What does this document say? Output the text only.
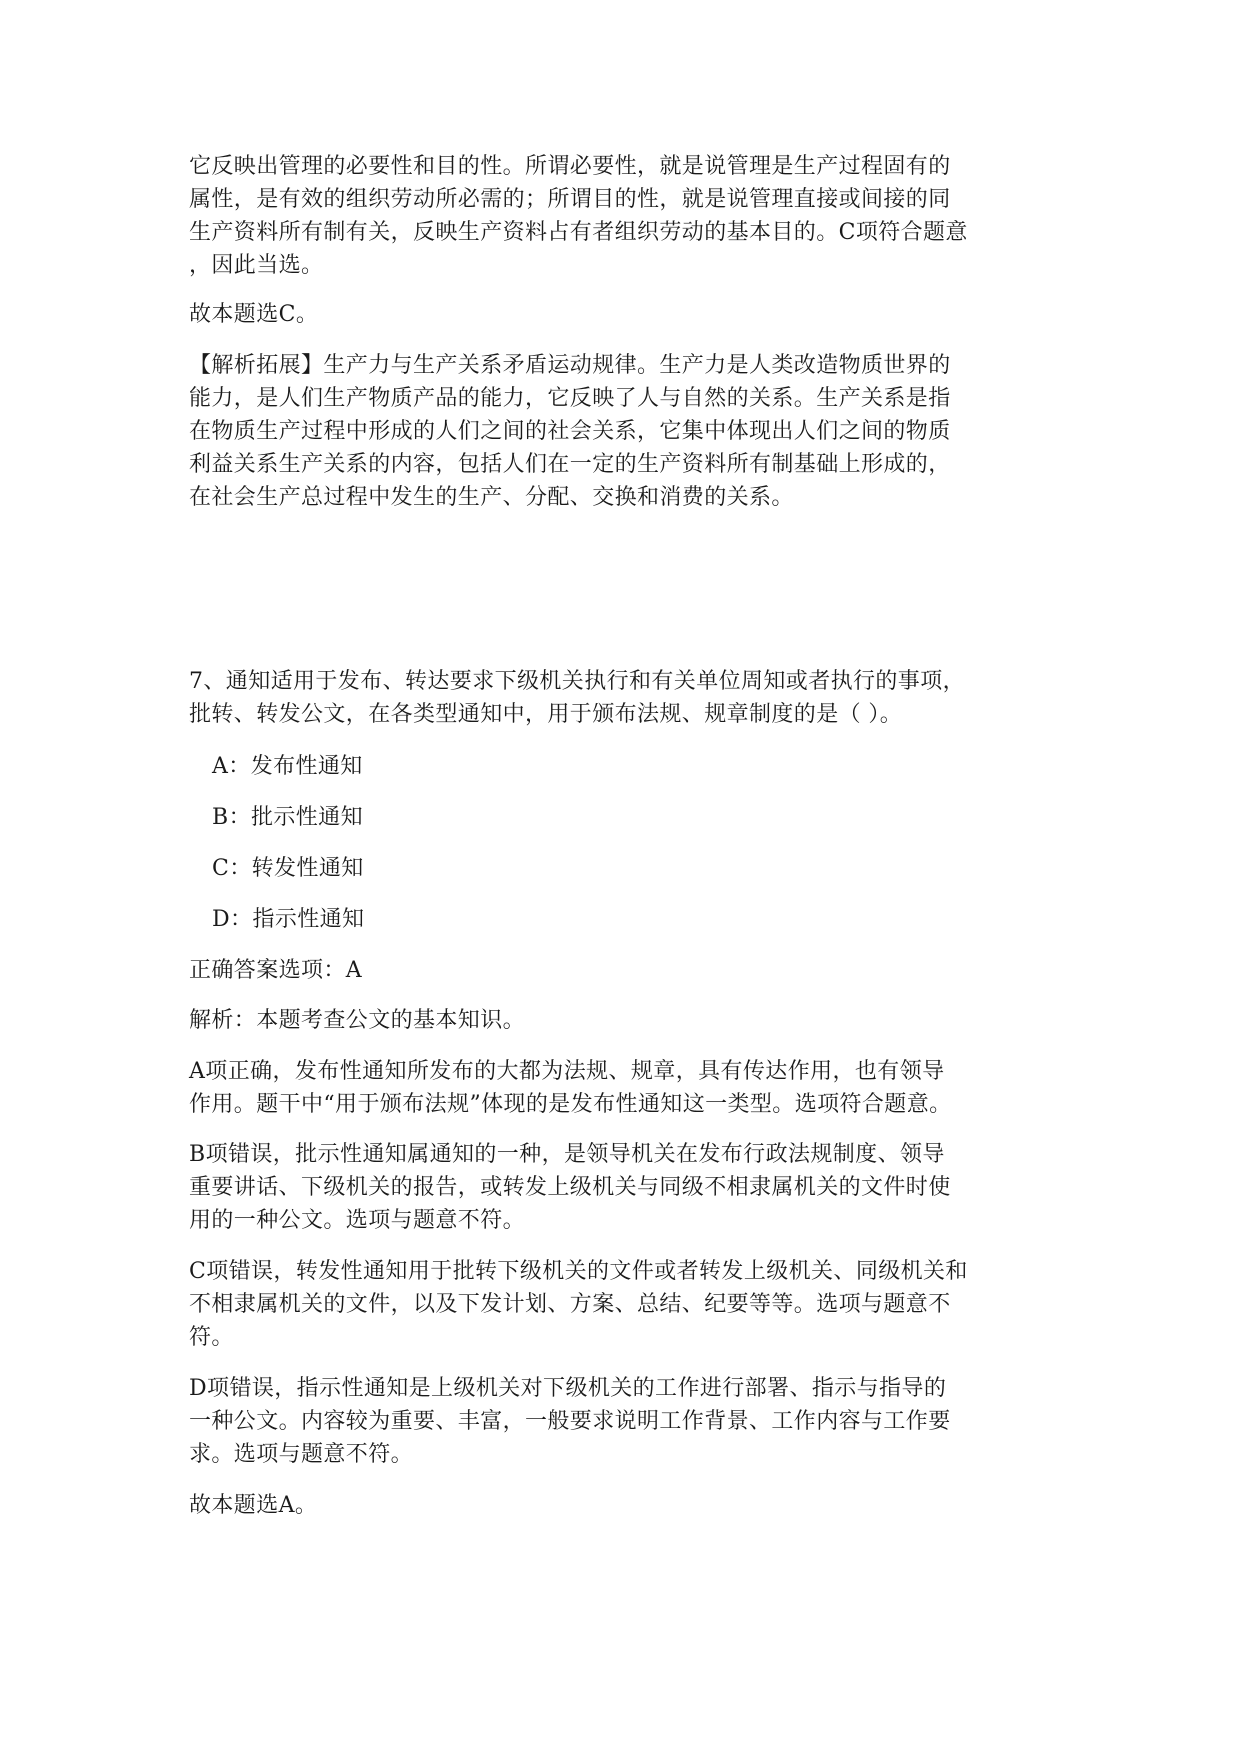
它反映出管理的必要性和目的性。所谓必要性，就是说管理是生产过程固有的
属性，是有效的组织劳动所必需的；所谓目的性，就是说管理直接或间接的同
生产资料所有制有关，反映生产资料占有者组织劳动的基本目的。C项符合题意
，因此当选。

故本题选C。

【解析拓展】生产力与生产关系矛盾运动规律。生产力是人类改造物质世界的
能力，是人们生产物质产品的能力，它反映了人与自然的关系。生产关系是指
在物质生产过程中形成的人们之间的社会关系，它集中体现出人们之间的物质
利益关系生产关系的内容，包括人们在一定的生产资料所有制基础上形成的，
在社会生产总过程中发生的生产、分配、交换和消费的关系。

7、通知适用于发布、转达要求下级机关执行和有关单位周知或者执行的事项，
批转、转发公文，在各类型通知中，用于颁布法规、规章制度的是（ ）。

A：发布性通知

B：批示性通知

C：转发性通知

D：指示性通知

正确答案选项：A

解析：本题考查公文的基本知识。

A项正确，发布性通知所发布的大都为法规、规章，具有传达作用，也有领导
作用。题干中“用于颁布法规”体现的是发布性通知这一类型。选项符合题意。

B项错误，批示性通知属通知的一种，是领导机关在发布行政法规制度、领导
重要讲话、下级机关的报告，或转发上级机关与同级不相隶属机关的文件时使
用的一种公文。选项与题意不符。

C项错误，转发性通知用于批转下级机关的文件或者转发上级机关、同级机关和
不相隶属机关的文件，以及下发计划、方案、总结、纪要等等。选项与题意不
符。

D项错误，指示性通知是上级机关对下级机关的工作进行部署、指示与指导的
一种公文。内容较为重要、丰富，一般要求说明工作背景、工作内容与工作要
求。选项与题意不符。

故本题选A。
